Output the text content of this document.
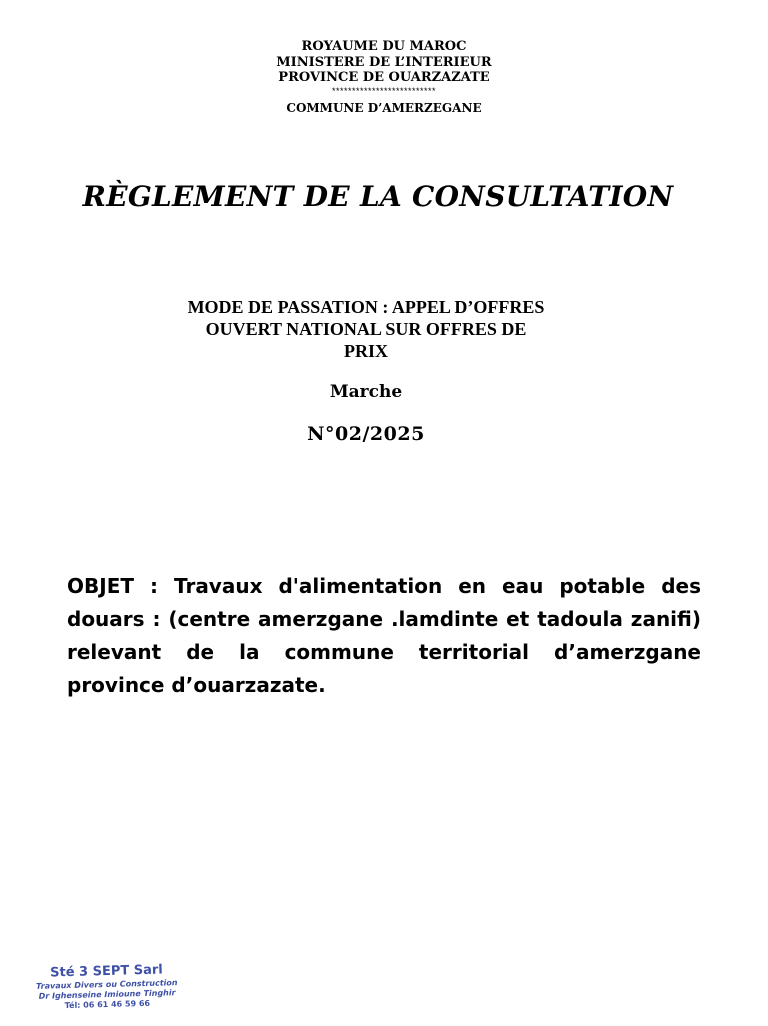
ROYAUME DU MAROC
MINISTERE DE L’INTERIEUR
PROVINCE DE OUARZAZATE
**************************
COMMUNE D’AMERZEGANE
RÈGLEMENT DE LA CONSULTATION
MODE DE PASSATION : APPEL D’OFFRES
OUVERT NATIONAL SUR OFFRES DE
PRIX
Marche
N°02/2025
OBJET : Travaux d'alimentation en eau potable des douars : (centre amerzgane .lamdinte et tadoula zanifi) relevant de la commune territorial d’amerzgane province d’ouarzazate.
Sté 3 SEPT Sarl
Travaux Divers ou Construction
Dr Ighenseine Imioune Tinghir
Tél: 06 61 46 59 66
